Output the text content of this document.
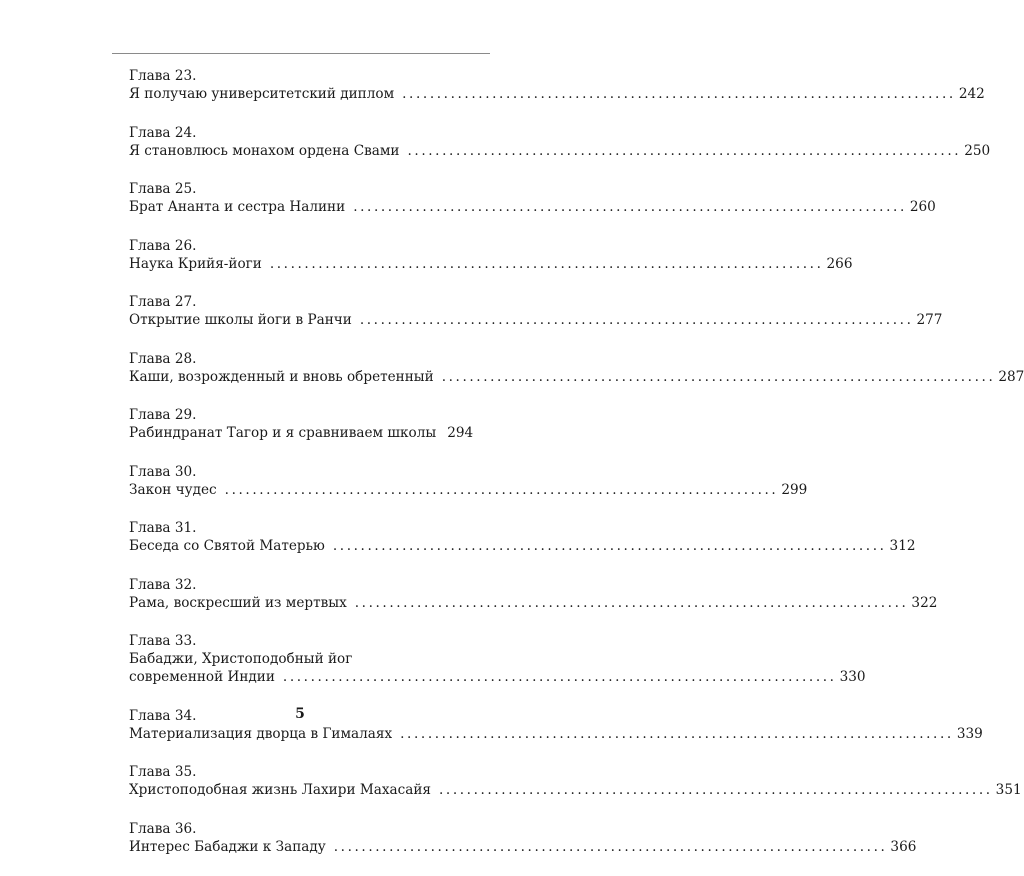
Глава 23.
Я получаю университетский диплом ................................................................................ 242
Глава 24.
Я становлюсь монахом ордена Свами ................................................................................ 250
Глава 25.
Брат Ананта и сестра Налини ................................................................................ 260
Глава 26.
Наука Крийя-йоги ................................................................................ 266
Глава 27.
Открытие школы йоги в Ранчи ................................................................................ 277
Глава 28.
Каши, возрожденный и вновь обретенный ................................................................................ 287
Глава 29.
Рабиндранат Тагор и я сравниваем школы 294
Глава 30.
Закон чудес ................................................................................ 299
Глава 31.
Беседа со Святой Матерью ................................................................................ 312
Глава 32.
Рама, воскресший из мертвых ................................................................................ 322
Глава 33.
Бабаджи, Христоподобный йог
современной Индии ................................................................................ 330
Глава 34.
Материализация дворца в Гималаях ................................................................................ 339
Глава 35.
Христоподобная жизнь Лахири Махасайя ................................................................................ 351
Глава 36.
Интерес Бабаджи к Западу ................................................................................ 366
5
